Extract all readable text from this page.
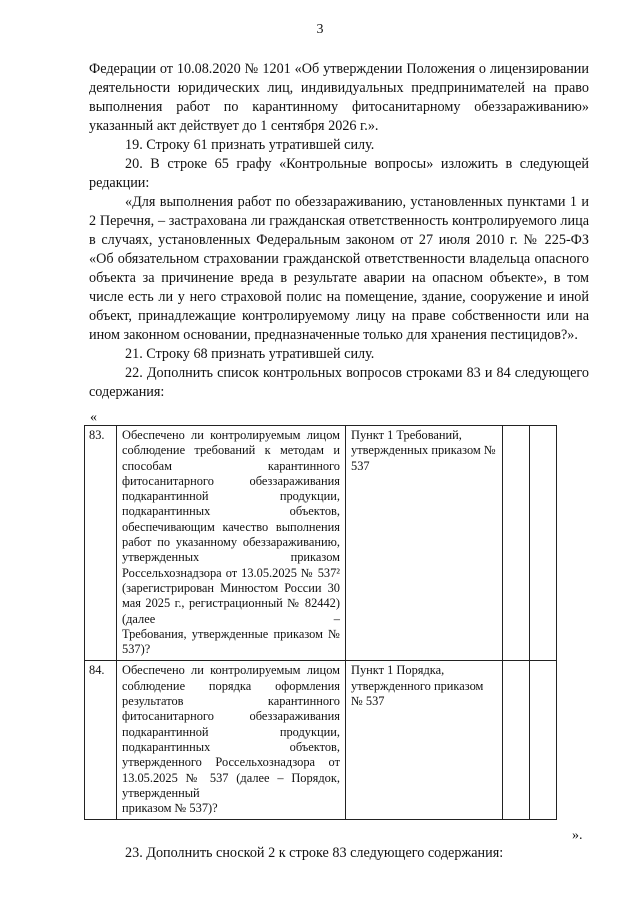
3

Федерации от 10.08.2020 № 1201 «Об утверждении Положения о лицензировании деятельности юридических лиц, индивидуальных предпринимателей на право выполнения работ по карантинному фитосанитарному обеззараживанию» указанный акт действует до 1 сентября 2026 г.».

19. Строку 61 признать утратившей силу.

20. В строке 65 графу «Контрольные вопросы» изложить в следующей редакции:

«Для выполнения работ по обеззараживанию, установленных пунктами 1 и 2 Перечня, – застрахована ли гражданская ответственность контролируемого лица в случаях, установленных Федеральным законом от 27 июля 2010 г. № 225-ФЗ «Об обязательном страховании гражданской ответственности владельца опасного объекта за причинение вреда в результате аварии на опасном объекте», в том числе есть ли у него страховой полис на помещение, здание, сооружение и иной объект, принадлежащие контролируемому лицу на праве собственности или на ином законном основании, предназначенные только для хранения пестицидов?».

21. Строку 68 признать утратившей силу.

22. Дополнить список контрольных вопросов строками 83 и 84 следующего содержания:

«
83.	Обеспечено ли контролируемым лицом соблюдение требований к методам и способам карантинного фитосанитарного обеззараживания подкарантинной продукции, подкарантинных объектов, обеспечивающим качество выполнения работ по указанному обеззараживанию, утвержденных приказом Россельхознадзора от 13.05.2025 № 537² (зарегистрирован Минюстом России 30 мая 2025 г., регистрационный № 82442) (далее –
Требования, утвержденные приказом № 537)?	Пункт 1 Требований, утвержденных приказом № 537		
84.	Обеспечено ли контролируемым лицом соблюдение порядка оформления результатов карантинного фитосанитарного обеззараживания подкарантинной продукции, подкарантинных объектов, утвержденного Россельхознадзора от 13.05.2025 № 537 (далее – Порядок, утвержденный
приказом № 537)?	Пункт 1 Порядка, утвержденного приказом № 537		
».
23. Дополнить сноской 2 к строке 83 следующего содержания:
